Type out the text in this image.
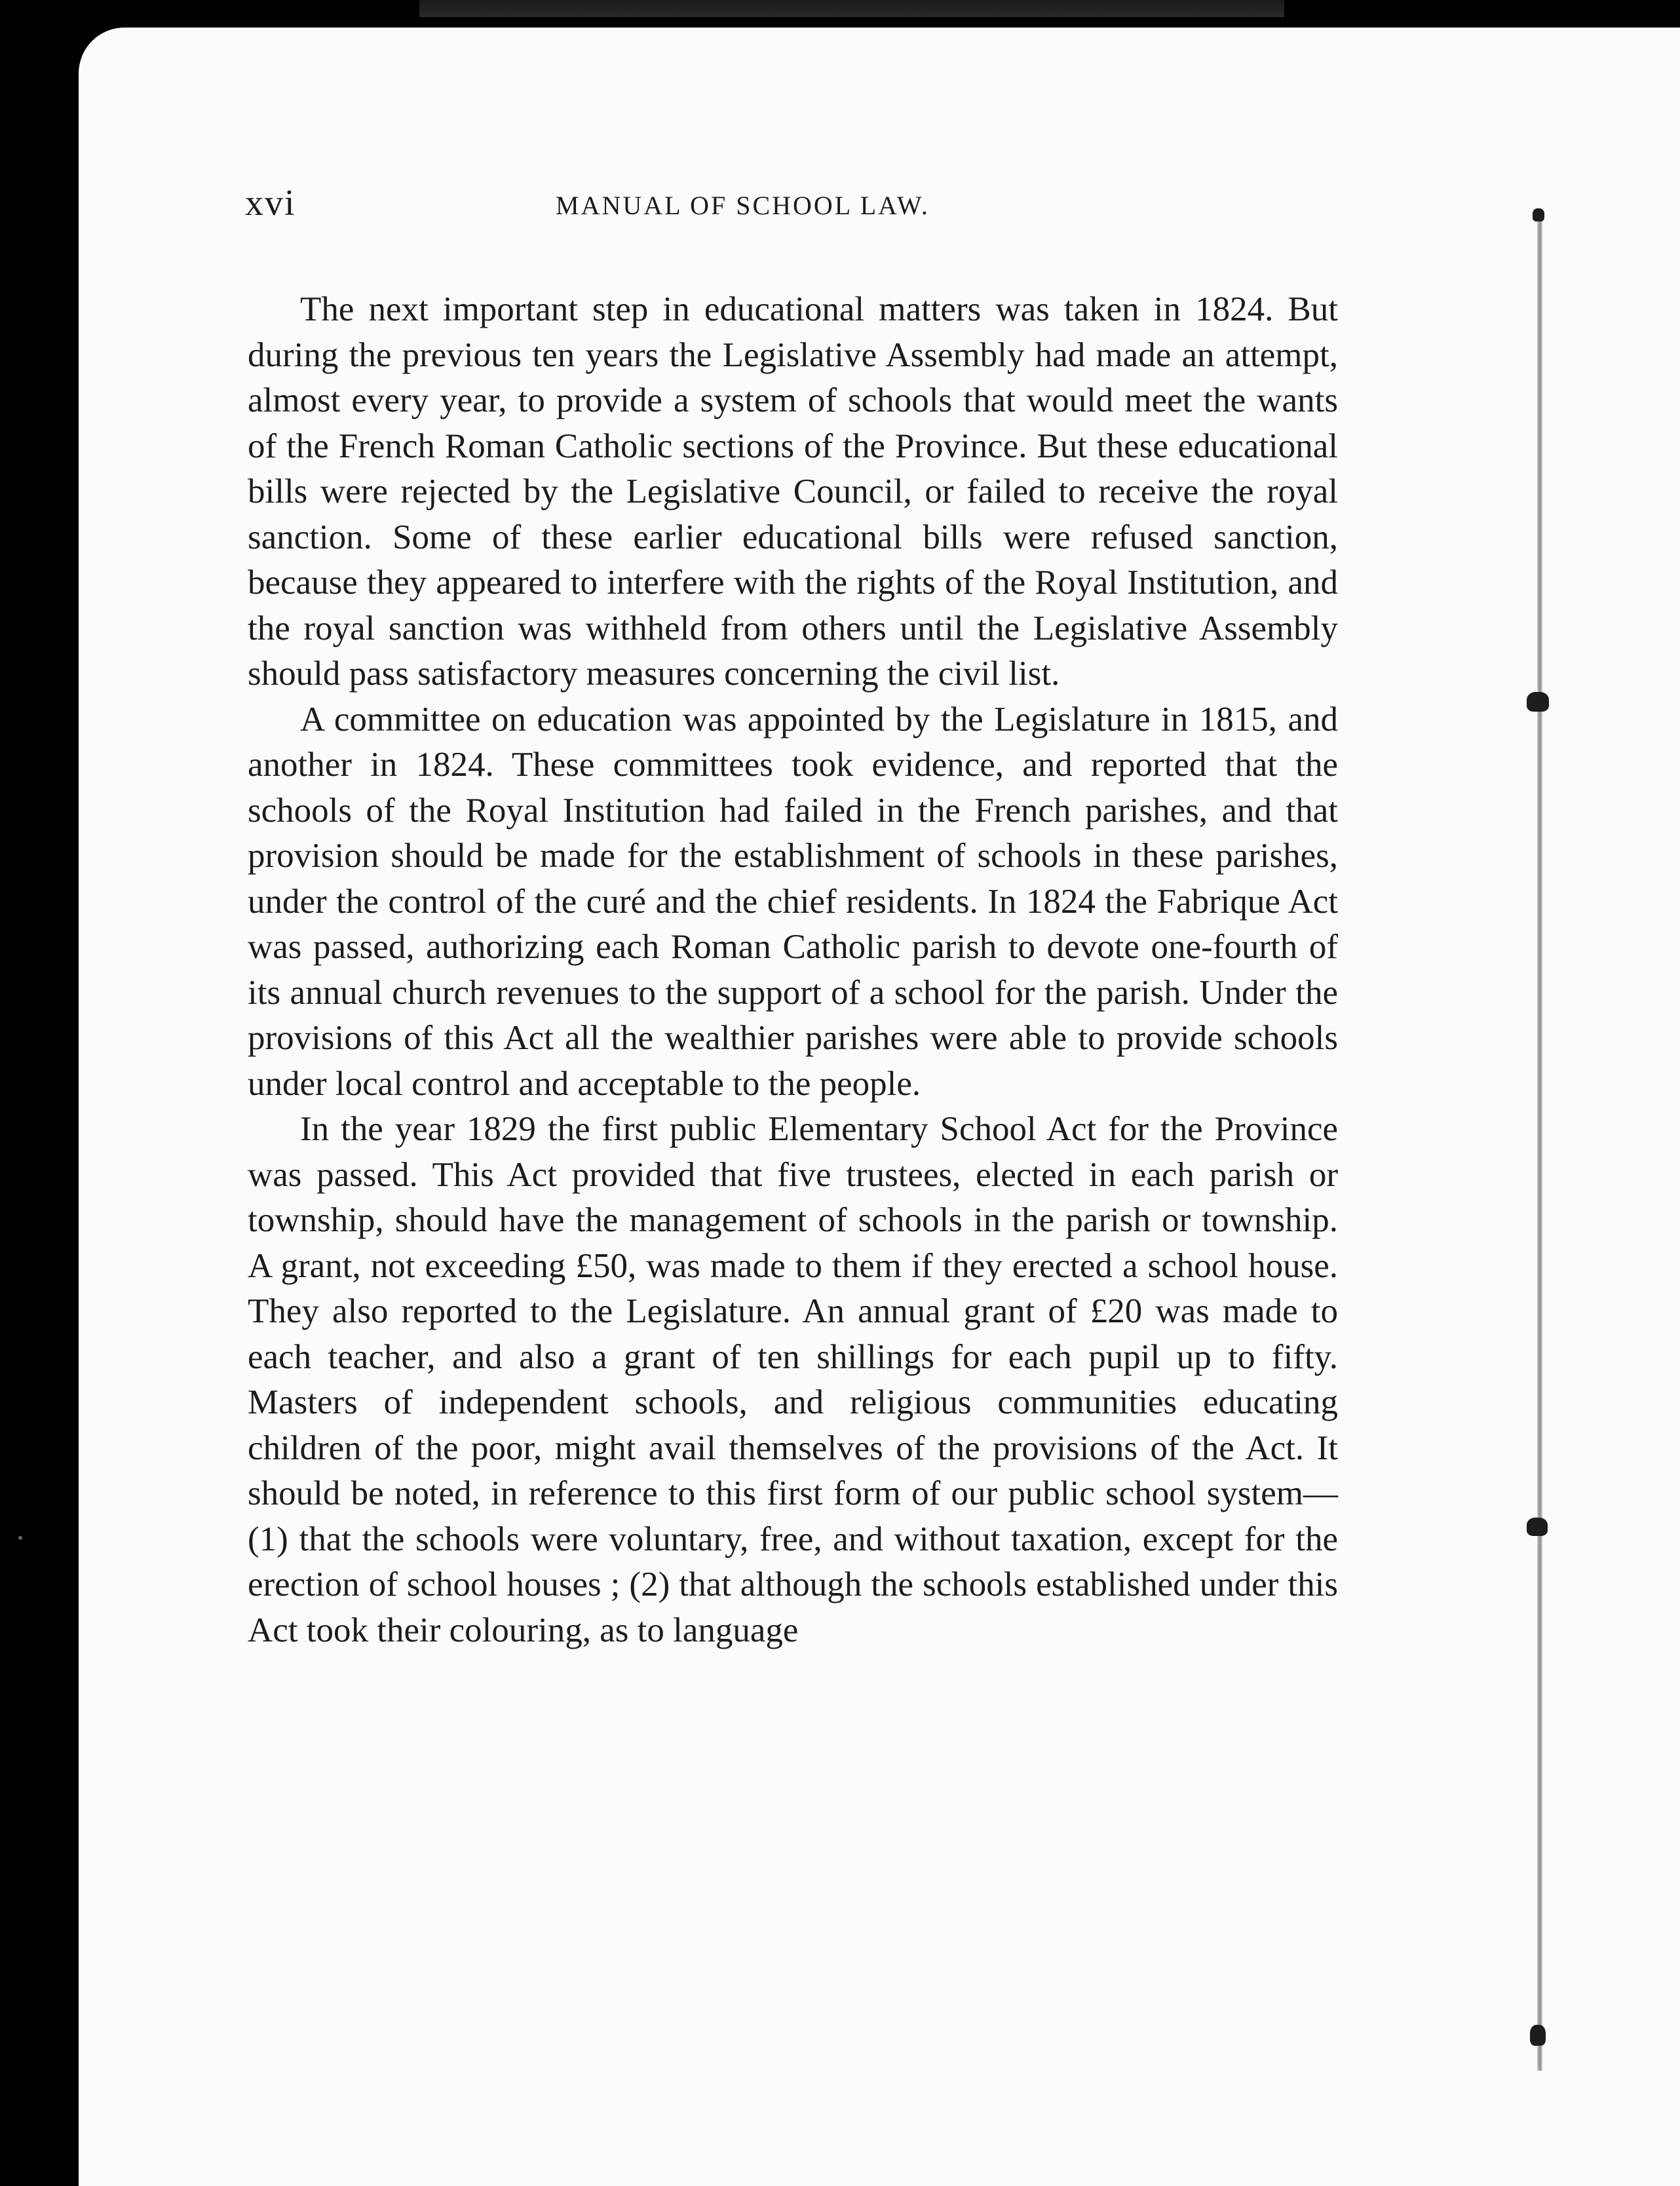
xvi	MANUAL OF SCHOOL LAW.

The next important step in educational matters was taken in 1824. But during the previous ten years the Legislative Assembly had made an attempt, almost every year, to provide a system of schools that would meet the wants of the French Roman Catholic sections of the Province. But these educational bills were rejected by the Legislative Council, or failed to receive the royal sanction. Some of these earlier educational bills were refused sanction, because they appeared to interfere with the rights of the Royal Institution, and the royal sanction was withheld from others until the Legislative Assembly should pass satisfactory measures concerning the civil list.

A committee on education was appointed by the Legislature in 1815, and another in 1824. These committees took evidence, and reported that the schools of the Royal Institution had failed in the French parishes, and that provision should be made for the establishment of schools in these parishes, under the control of the curé and the chief residents. In 1824 the Fabrique Act was passed, authorizing each Roman Catholic parish to devote one-fourth of its annual church revenues to the support of a school for the parish. Under the provisions of this Act all the wealthier parishes were able to provide schools under local control and acceptable to the people.

In the year 1829 the first public Elementary School Act for the Province was passed. This Act provided that five trustees, elected in each parish or township, should have the management of schools in the parish or township. A grant, not exceeding £50, was made to them if they erected a school house. They also reported to the Legislature. An annual grant of £20 was made to each teacher, and also a grant of ten shillings for each pupil up to fifty. Masters of independent schools, and religious communities educating children of the poor, might avail themselves of the provisions of the Act. It should be noted, in reference to this first form of our public school system—(1) that the schools were voluntary, free, and without taxation, except for the erection of school houses ; (2) that although the schools established under this Act took their colouring, as to language
